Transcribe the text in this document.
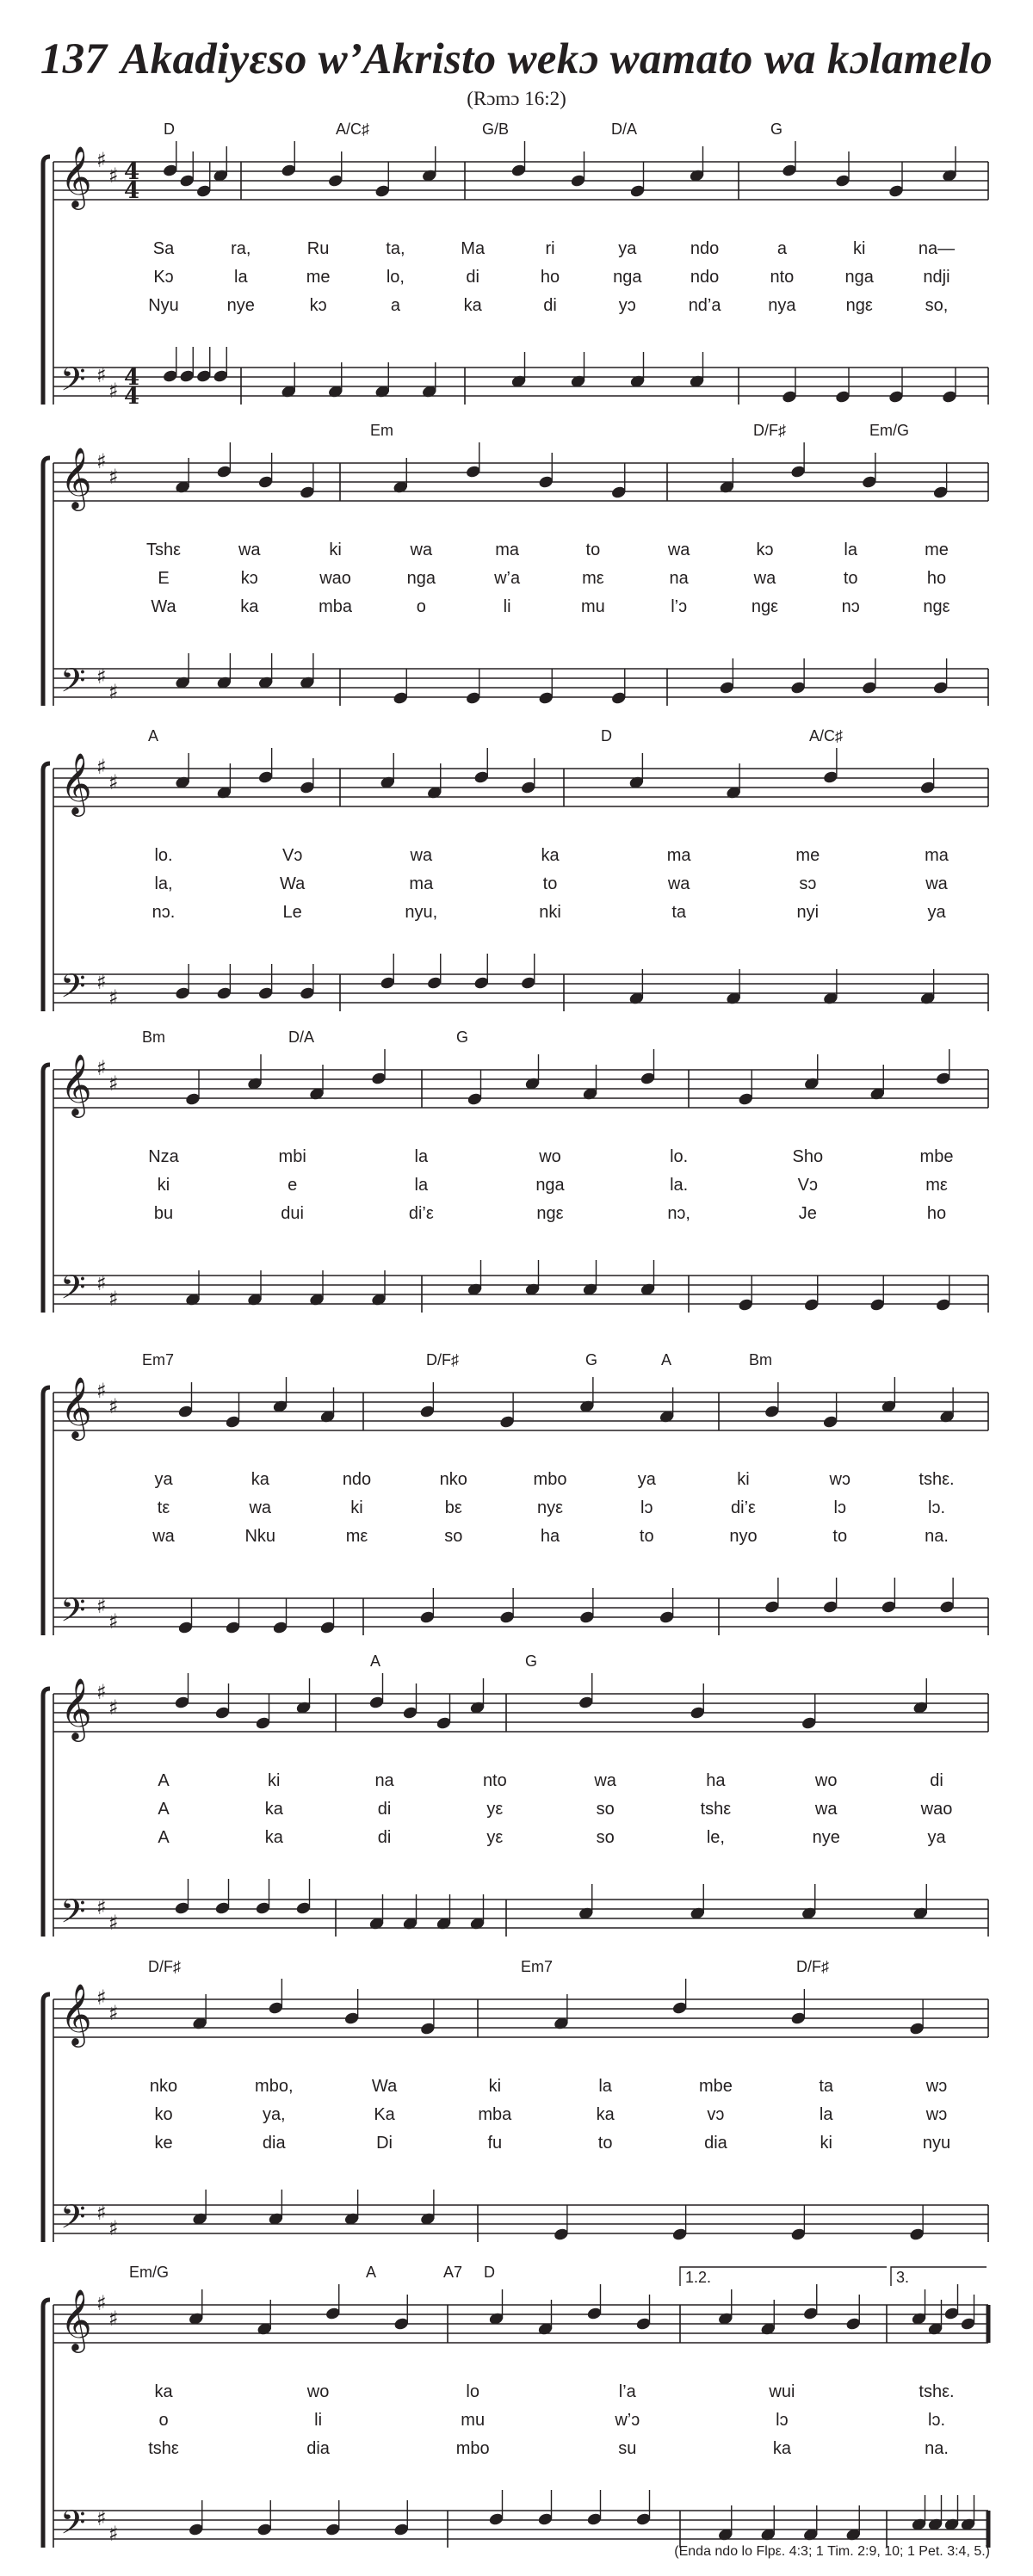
137 Akadiyεso w’Akristo wekɔ wamato wa kɔlamelo
(Rɔmɔ 16:2)
𝄞
𝄢
♯
♯
♯
♯
4
4
4
4
D	A/C♯	G/B	D/A	G
Sa	ra,	Ru	ta,	Ma	ri	ya	ndo	a	ki	na—
Kɔ	la	me	lo,	di	ho	nga	ndo	nto	nga	ndji
Nyu	nye	kɔ	a	ka	di	yɔ	nd’a	nya	ngε	so,
𝄞
𝄢
♯
♯
♯
♯
Em	D/F♯	Em/G
Tshε	wa	ki	wa	ma	to	wa	kɔ	la	me
E	kɔ	wao	nga	w’a	mε	na	wa	to	ho
Wa	ka	mba	o	li	mu	l’ɔ	ngε	nɔ	ngε
𝄞
𝄢
♯
♯
♯
♯
A	D	A/C♯
lo.	Vɔ	wa	ka	ma	me	ma
la,	Wa	ma	to	wa	sɔ	wa
nɔ.	Le	nyu,	nki	ta	nyi	ya
𝄞
𝄢
♯
♯
♯
♯
Bm	D/A	G
Nza	mbi	la	wo	lo.	Sho	mbe
ki	e	la	nga	la.	Vɔ	mε
bu	dui	di’ε	ngε	nɔ,	Je	ho
𝄞
𝄢
♯
♯
♯
♯
Em7	D/F♯	G	A	Bm
ya	ka	ndo	nko	mbo	ya	ki	wɔ	tshε.
tε	wa	ki	bε	nyε	lɔ	di’ε	lɔ	lɔ.
wa	Nku	mε	so	ha	to	nyo	to	na.
𝄞
𝄢
♯
♯
♯
♯
A	G
A	ki	na	nto	wa	ha	wo	di
A	ka	di	yε	so	tshε	wa	wao
A	ka	di	yε	so	le,	nye	ya
𝄞
𝄢
♯
♯
♯
♯
D/F♯	Em7	D/F♯
nko	mbo,	Wa	ki	la	mbe	ta	wɔ
ko	ya,	Ka	mba	ka	vɔ	la	wɔ
ke	dia	Di	fu	to	dia	ki	nyu
𝄞
𝄢
♯
♯
♯
♯
Em/G	A	A7 D	1.2.	3.
ka	wo	lo	l’a	wui	tshε.
o	li	mu	w’ɔ	lɔ	lɔ.
tshε	dia	mbo	su	ka	na.
(Enda ndo lo Flpε. 4:3; 1 Tim. 2:9, 10; 1 Pet. 3:4, 5.)
